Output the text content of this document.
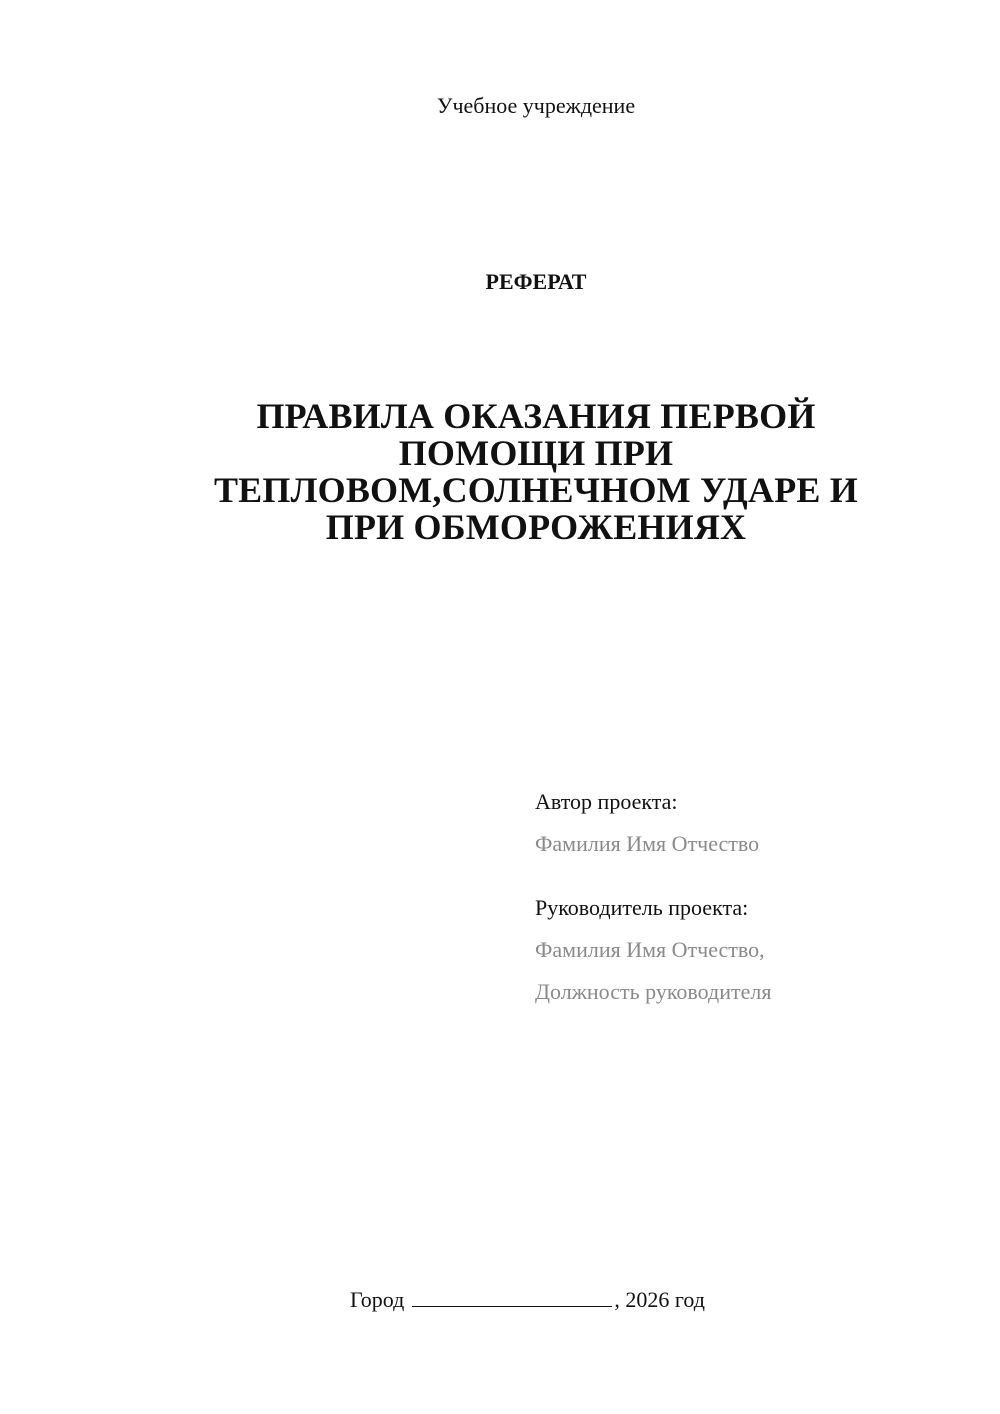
Учебное учреждение
РЕФЕРАТ
ПРАВИЛА ОКАЗАНИЯ ПЕРВОЙ
ПОМОЩИ ПРИ
ТЕПЛОВОМ,СОЛНЕЧНОМ УДАРЕ И
ПРИ ОБМОРОЖЕНИЯХ
Автор проекта:
Фамилия Имя Отчество
Руководитель проекта:
Фамилия Имя Отчество,
Должность руководителя
Город	, 2026 год
